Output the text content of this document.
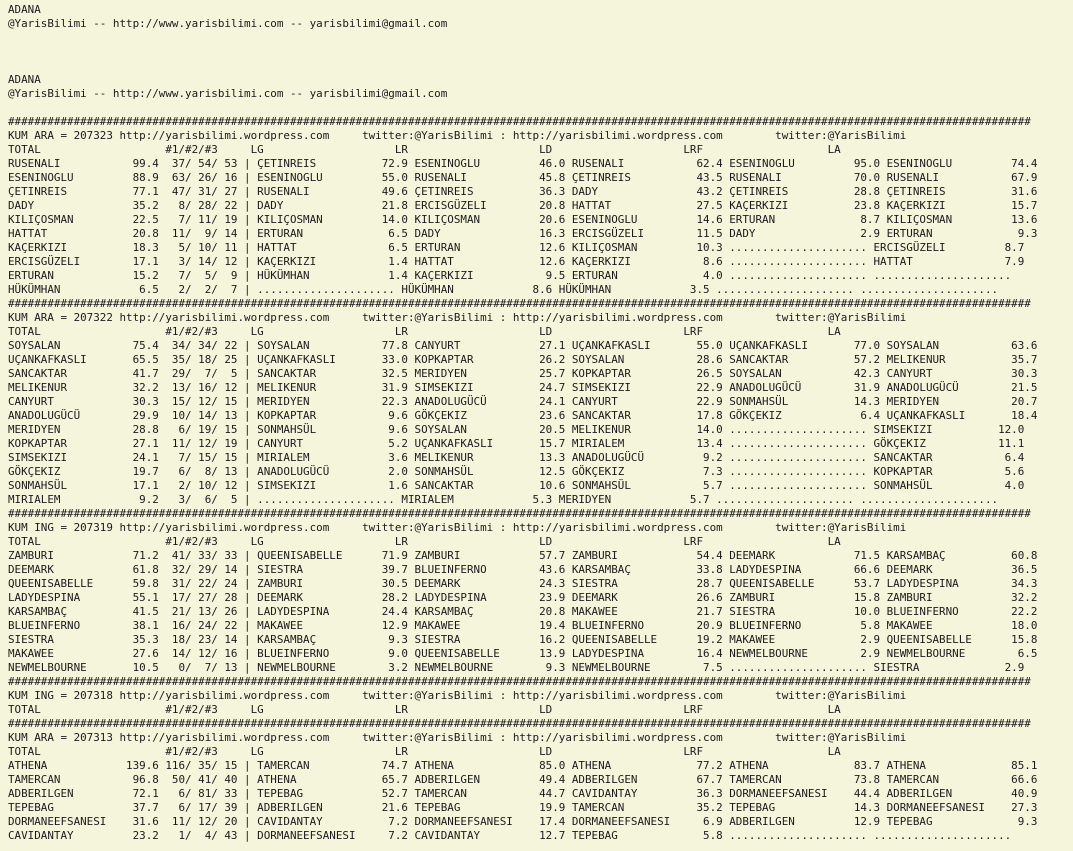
ADANA
@YarisBilimi -- http://www.yarisbilimi.com -- yarisbilimi@gmail.com

ADANA
@YarisBilimi -- http://www.yarisbilimi.com -- yarisbilimi@gmail.com

############################################################################################################################################################
KUM ARA = 207323 http://yarisbilimi.wordpress.com     twitter:@YarisBilimi : http://yarisbilimi.wordpress.com        twitter:@YarisBilimi
TOTAL                   #1/#2/#3     LG                    LR                    LD                    LRF                   LA
RUSENALI           99.4  37/ 54/ 53 | ÇETINREIS          72.9 ESENINOGLU         46.0 RUSENALI           62.4 ESENINOGLU         95.0 ESENINOGLU         74.4
ESENINOGLU         88.9  63/ 26/ 16 | ESENINOGLU         55.0 RUSENALI           45.8 ÇETINREIS          43.5 RUSENALI           70.0 RUSENALI           67.9
ÇETINREIS          77.1  47/ 31/ 27 | RUSENALI           49.6 ÇETINREIS          36.3 DADY               43.2 ÇETINREIS          28.8 ÇETINREIS          31.6
DADY               35.2   8/ 28/ 22 | DADY               21.8 ERCISGÜZELI        20.8 HATTAT             27.5 KAÇERKIZI          23.8 KAÇERKIZI          15.7
KILIÇOSMAN         22.5   7/ 11/ 19 | KILIÇOSMAN         14.0 KILIÇOSMAN         20.6 ESENINOGLU         14.6 ERTURAN             8.7 KILIÇOSMAN         13.6
HATTAT             20.8  11/  9/ 14 | ERTURAN             6.5 DADY               16.3 ERCISGÜZELI        11.5 DADY                2.9 ERTURAN             9.3
KAÇERKIZI          18.3   5/ 10/ 11 | HATTAT              6.5 ERTURAN            12.6 KILIÇOSMAN         10.3 ..................... ERCISGÜZELI         8.7
ERCISGÜZELI        17.1   3/ 14/ 12 | KAÇERKIZI           1.4 HATTAT             12.6 KAÇERKIZI           8.6 ..................... HATTAT              7.9
ERTURAN            15.2   7/  5/  9 | HÜKÜMHAN            1.4 KAÇERKIZI           9.5 ERTURAN             4.0 ..................... .....................
HÜKÜMHAN            6.5   2/  2/  7 | ..................... HÜKÜMHAN            8.6 HÜKÜMHAN            3.5 ..................... .....................
############################################################################################################################################################
KUM ARA = 207322 http://yarisbilimi.wordpress.com     twitter:@YarisBilimi : http://yarisbilimi.wordpress.com        twitter:@YarisBilimi
TOTAL                   #1/#2/#3     LG                    LR                    LD                    LRF                   LA
SOYSALAN           75.4  34/ 34/ 22 | SOYSALAN           77.8 CANYURT            27.1 UÇANKAFKASLI       55.0 UÇANKAFKASLI       77.0 SOYSALAN           63.6
UÇANKAFKASLI       65.5  35/ 18/ 25 | UÇANKAFKASLI       33.0 KOPKAPTAR          26.2 SOYSALAN           28.6 SANCAKTAR          57.2 MELIKENUR          35.7
SANCAKTAR          41.7  29/  7/  5 | SANCAKTAR          32.5 MERIDYEN           25.7 KOPKAPTAR          26.5 SOYSALAN           42.3 CANYURT            30.3
MELIKENUR          32.2  13/ 16/ 12 | MELIKENUR          31.9 SIMSEKIZI          24.7 SIMSEKIZI          22.9 ANADOLUGÜCÜ        31.9 ANADOLUGÜCÜ        21.5
CANYURT            30.3  15/ 12/ 15 | MERIDYEN           22.3 ANADOLUGÜCÜ        24.1 CANYURT            22.9 SONMAHSÜL          14.3 MERIDYEN           20.7
ANADOLUGÜCÜ        29.9  10/ 14/ 13 | KOPKAPTAR           9.6 GÖKÇEKIZ           23.6 SANCAKTAR          17.8 GÖKÇEKIZ            6.4 UÇANKAFKASLI       18.4
MERIDYEN           28.8   6/ 19/ 15 | SONMAHSÜL           9.6 SOYSALAN           20.5 MELIKENUR          14.0 ..................... SIMSEKIZI          12.0
KOPKAPTAR          27.1  11/ 12/ 19 | CANYURT             5.2 UÇANKAFKASLI       15.7 MIRIALEM           13.4 ..................... GÖKÇEKIZ           11.1
SIMSEKIZI          24.1   7/ 15/ 15 | MIRIALEM            3.6 MELIKENUR          13.3 ANADOLUGÜCÜ         9.2 ..................... SANCAKTAR           6.4
GÖKÇEKIZ           19.7   6/  8/ 13 | ANADOLUGÜCÜ         2.0 SONMAHSÜL          12.5 GÖKÇEKIZ            7.3 ..................... KOPKAPTAR           5.6
SONMAHSÜL          17.1   2/ 10/ 12 | SIMSEKIZI           1.6 SANCAKTAR          10.6 SONMAHSÜL           5.7 ..................... SONMAHSÜL           4.0
MIRIALEM            9.2   3/  6/  5 | ..................... MIRIALEM            5.3 MERIDYEN            5.7 ..................... .....................
############################################################################################################################################################
KUM ING = 207319 http://yarisbilimi.wordpress.com     twitter:@YarisBilimi : http://yarisbilimi.wordpress.com        twitter:@YarisBilimi
TOTAL                   #1/#2/#3     LG                    LR                    LD                    LRF                   LA
ZAMBURI            71.2  41/ 33/ 33 | QUEENISABELLE      71.9 ZAMBURI            57.7 ZAMBURI            54.4 DEEMARK            71.5 KARSAMBAÇ          60.8
DEEMARK            61.8  32/ 29/ 14 | SIESTRA            39.7 BLUEINFERNO        43.6 KARSAMBAÇ          33.8 LADYDESPINA        66.6 DEEMARK            36.5
QUEENISABELLE      59.8  31/ 22/ 24 | ZAMBURI            30.5 DEEMARK            24.3 SIESTRA            28.7 QUEENISABELLE      53.7 LADYDESPINA        34.3
LADYDESPINA        55.1  17/ 27/ 28 | DEEMARK            28.2 LADYDESPINA        23.9 DEEMARK            26.6 ZAMBURI            15.8 ZAMBURI            32.2
KARSAMBAÇ          41.5  21/ 13/ 26 | LADYDESPINA        24.4 KARSAMBAÇ          20.8 MAKAWEE            21.7 SIESTRA            10.0 BLUEINFERNO        22.2
BLUEINFERNO        38.1  16/ 24/ 22 | MAKAWEE            12.9 MAKAWEE            19.4 BLUEINFERNO        20.9 BLUEINFERNO         5.8 MAKAWEE            18.0
SIESTRA            35.3  18/ 23/ 14 | KARSAMBAÇ           9.3 SIESTRA            16.2 QUEENISABELLE      19.2 MAKAWEE             2.9 QUEENISABELLE      15.8
MAKAWEE            27.6  14/ 12/ 16 | BLUEINFERNO         9.0 QUEENISABELLE      13.9 LADYDESPINA        16.4 NEWMELBOURNE        2.9 NEWMELBOURNE        6.5
NEWMELBOURNE       10.5   0/  7/ 13 | NEWMELBOURNE        3.2 NEWMELBOURNE        9.3 NEWMELBOURNE        7.5 ..................... SIESTRA             2.9
############################################################################################################################################################
KUM ING = 207318 http://yarisbilimi.wordpress.com     twitter:@YarisBilimi : http://yarisbilimi.wordpress.com        twitter:@YarisBilimi
TOTAL                   #1/#2/#3     LG                    LR                    LD                    LRF                   LA
############################################################################################################################################################
KUM ARA = 207313 http://yarisbilimi.wordpress.com     twitter:@YarisBilimi : http://yarisbilimi.wordpress.com        twitter:@YarisBilimi
TOTAL                   #1/#2/#3     LG                    LR                    LD                    LRF                   LA
ATHENA            139.6 116/ 35/ 15 | TAMERCAN           74.7 ATHENA             85.0 ATHENA             77.2 ATHENA             83.7 ATHENA             85.1
TAMERCAN           96.8  50/ 41/ 40 | ATHENA             65.7 ADBERILGEN         49.4 ADBERILGEN         67.7 TAMERCAN           73.8 TAMERCAN           66.6
ADBERILGEN         72.1   6/ 81/ 33 | TEPEBAG            52.7 TAMERCAN           44.7 CAVIDANTAY         36.3 DORMANEEFSANESI    44.4 ADBERILGEN         40.9
TEPEBAG            37.7   6/ 17/ 39 | ADBERILGEN         21.6 TEPEBAG            19.9 TAMERCAN           35.2 TEPEBAG            14.3 DORMANEEFSANESI    27.3
DORMANEEFSANESI    31.6  11/ 12/ 20 | CAVIDANTAY          7.2 DORMANEEFSANESI    17.4 DORMANEEFSANESI     6.9 ADBERILGEN         12.9 TEPEBAG             9.3
CAVIDANTAY         23.2   1/  4/ 43 | DORMANEEFSANESI     7.2 CAVIDANTAY         12.7 TEPEBAG             5.8 ..................... .....................
